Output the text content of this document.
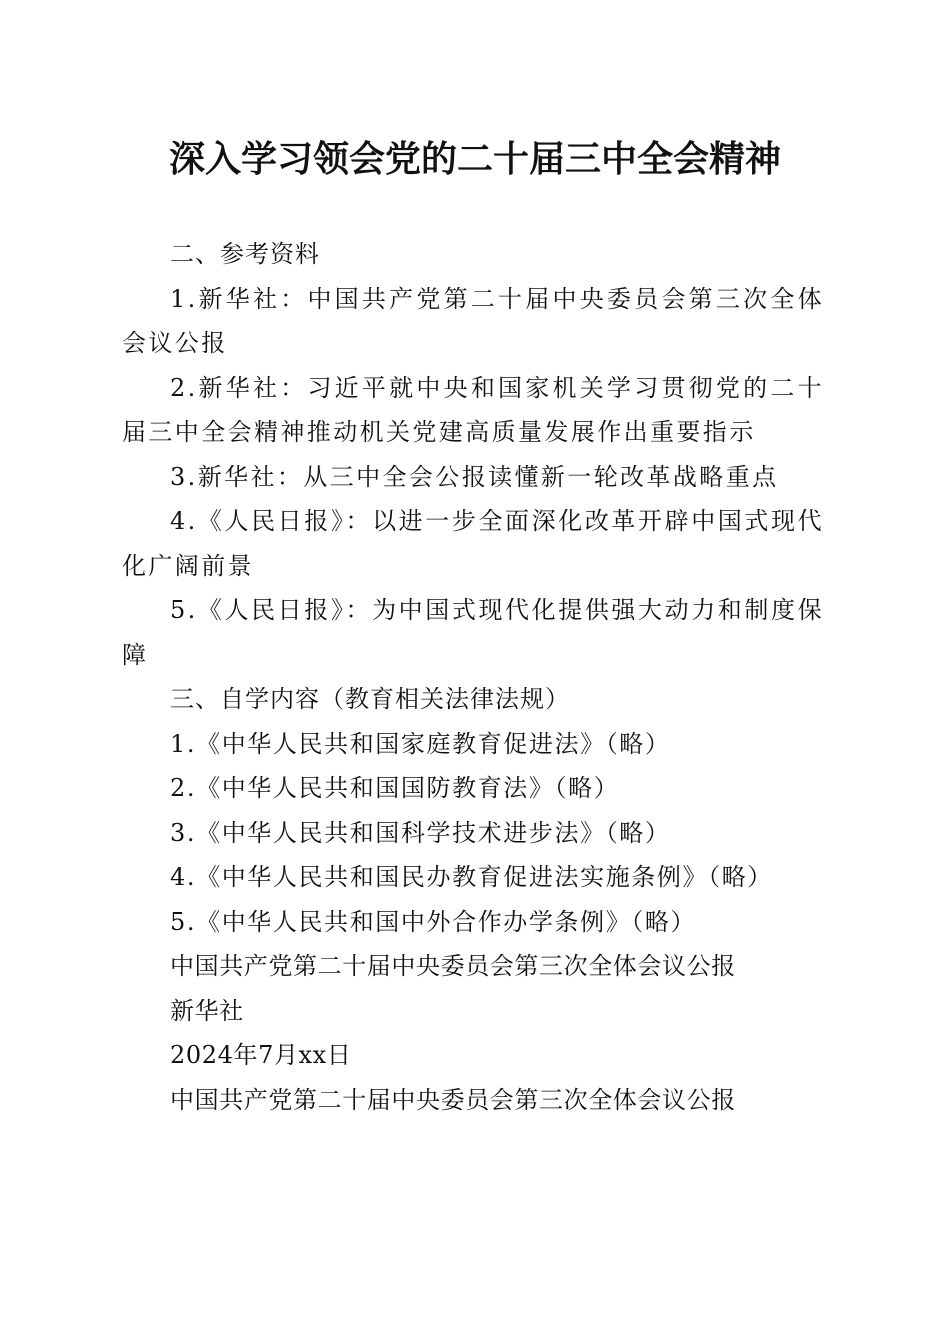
深入学习领会党的二十届三中全会精神

二、参考资料

1.新华社：中国共产党第二十届中央委员会第三次全体会议公报

2.新华社：习近平就中央和国家机关学习贯彻党的二十届三中全会精神推动机关党建高质量发展作出重要指示

3.新华社：从三中全会公报读懂新一轮改革战略重点

4.《人民日报》：以进一步全面深化改革开辟中国式现代化广阔前景

5.《人民日报》：为中国式现代化提供强大动力和制度保障

三、自学内容（教育相关法律法规）

1.《中华人民共和国家庭教育促进法》（略）

2.《中华人民共和国国防教育法》（略）

3.《中华人民共和国科学技术进步法》（略）

4.《中华人民共和国民办教育促进法实施条例》（略）

5.《中华人民共和国中外合作办学条例》（略）

中国共产党第二十届中央委员会第三次全体会议公报

新华社

2024年7月xx日

中国共产党第二十届中央委员会第三次全体会议公报
